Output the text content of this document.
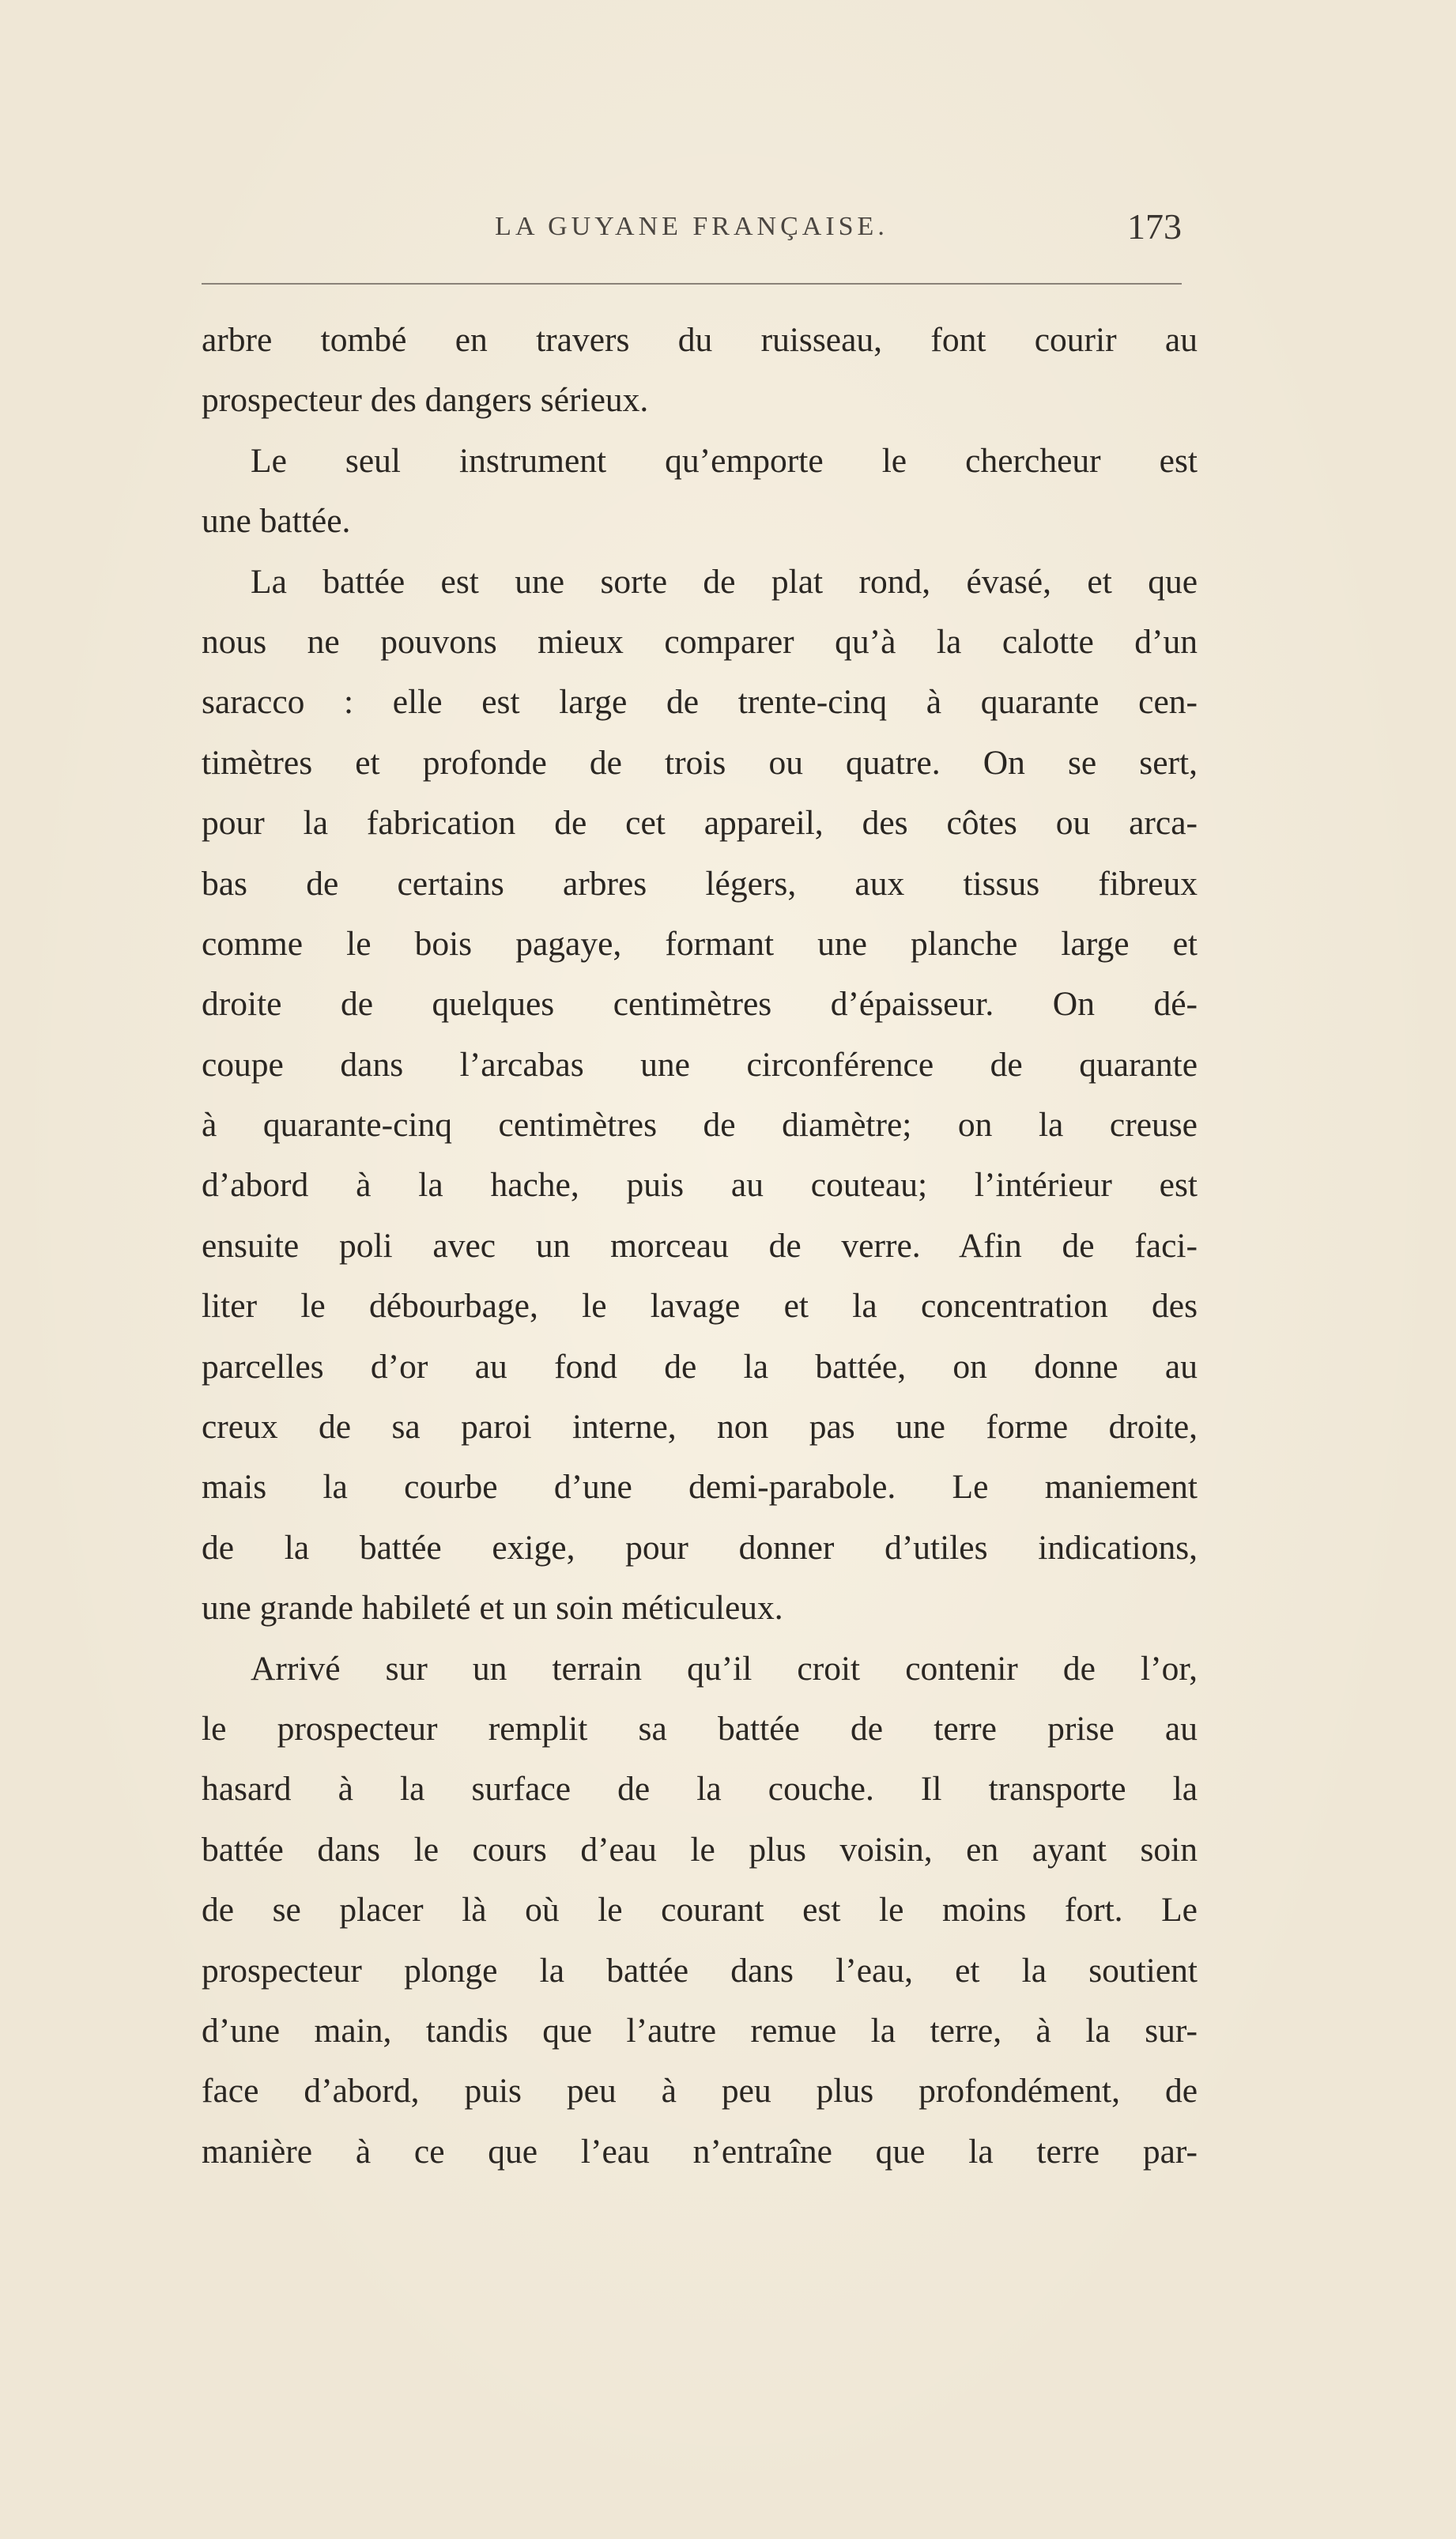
LA GUYANE FRANÇAISE.	173
arbre tombé en travers du ruisseau, font courir au
prospecteur des dangers sérieux.
Le seul instrument qu’emporte le chercheur est
une battée.
La battée est une sorte de plat rond, évasé, et que
nous ne pouvons mieux comparer qu’à la calotte d’un
saracco : elle est large de trente-cinq à quarante cen-
timètres et profonde de trois ou quatre. On se sert,
pour la fabrication de cet appareil, des côtes ou arca-
bas de certains arbres légers, aux tissus fibreux
comme le bois pagaye, formant une planche large et
droite de quelques centimètres d’épaisseur. On dé-
coupe dans l’arcabas une circonférence de quarante
à quarante-cinq centimètres de diamètre; on la creuse
d’abord à la hache, puis au couteau; l’intérieur est
ensuite poli avec un morceau de verre. Afin de faci-
liter le débourbage, le lavage et la concentration des
parcelles d’or au fond de la battée, on donne au
creux de sa paroi interne, non pas une forme droite,
mais la courbe d’une demi-parabole. Le maniement
de la battée exige, pour donner d’utiles indications,
une grande habileté et un soin méticuleux.
Arrivé sur un terrain qu’il croit contenir de l’or,
le prospecteur remplit sa battée de terre prise au
hasard à la surface de la couche. Il transporte la
battée dans le cours d’eau le plus voisin, en ayant soin
de se placer là où le courant est le moins fort. Le
prospecteur plonge la battée dans l’eau, et la soutient
d’une main, tandis que l’autre remue la terre, à la sur-
face d’abord, puis peu à peu plus profondément, de
manière à ce que l’eau n’entraîne que la terre par-
